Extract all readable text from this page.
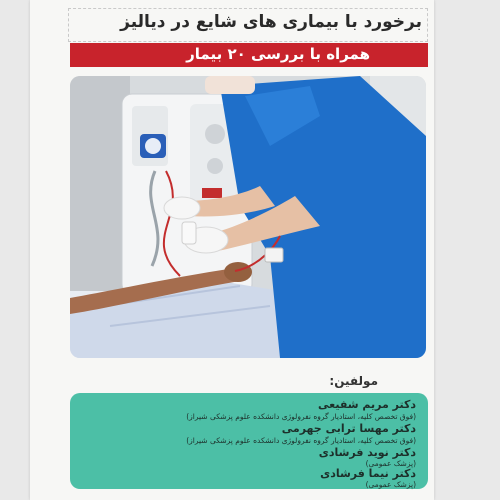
برخورد با بیماری های شایع در دیالیز
همراه با بررسی ۲۰ بیمار
مولفین:
دکتر مریم شفیعی
(فوق تخصص کلیه، استادیار گروه نفرولوژی دانشکده علوم پزشکی شیراز)
دکتر مهسا ترابی جهرمی
(فوق تخصص کلیه، استادیار گروه نفرولوژی دانشکده علوم پزشکی شیراز)
دکتر نوید فرشادی
(پزشک عمومی)
دکتر نیما فرشادی
(پزشک عمومی)
